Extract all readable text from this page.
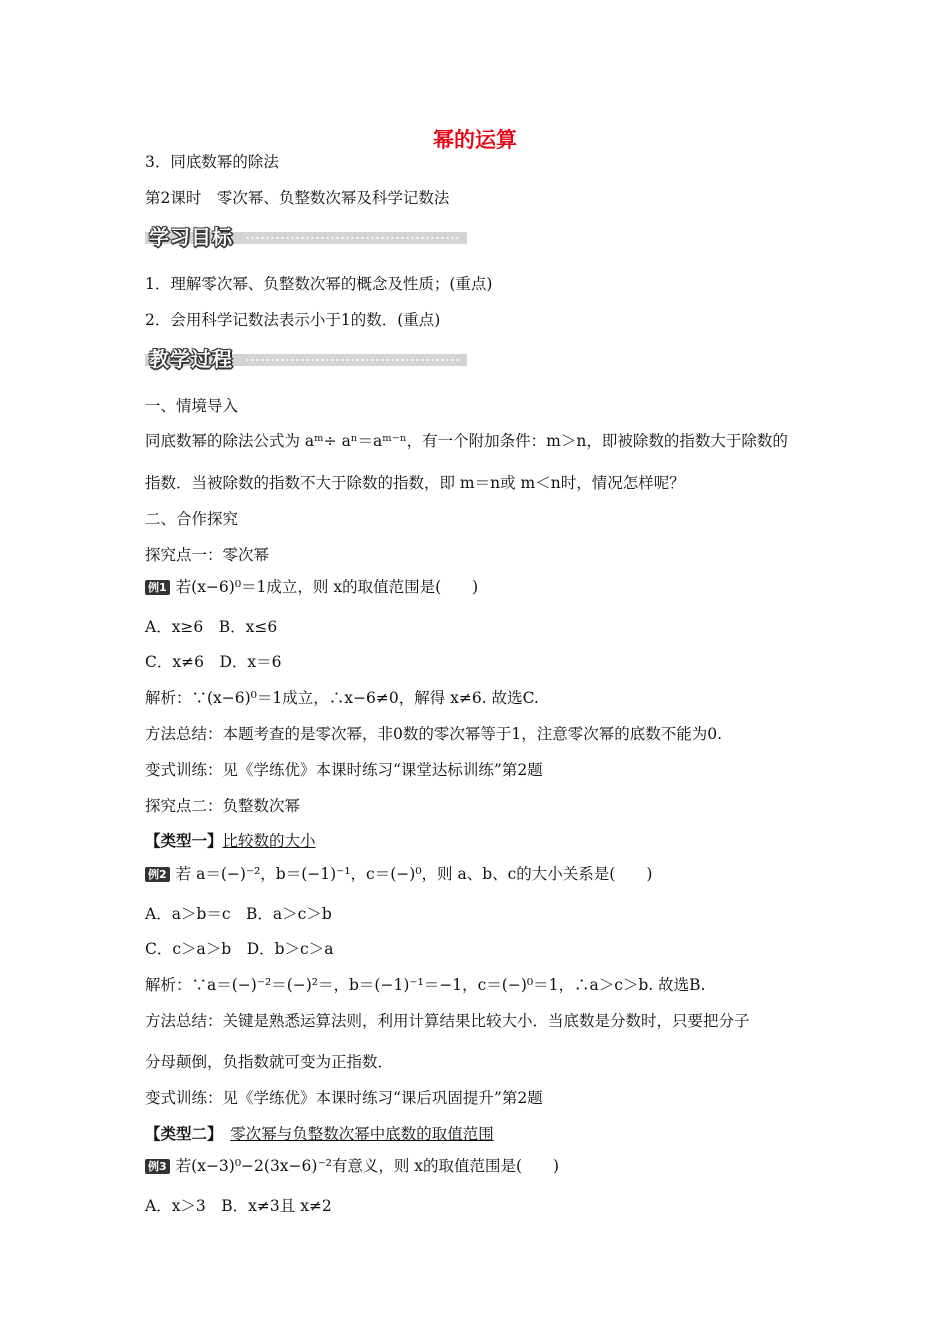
幂的运算
3．同底数幂的除法
第2课时　零次幂、负整数次幂及科学记数法
学习目标
1．理解零次幂、负整数次幂的概念及性质；(重点)
2．会用科学记数法表示小于1的数．(重点)
教学过程
一、情境导入
同底数幂的除法公式为 aᵐ÷ aⁿ＝aᵐ⁻ⁿ，有一个附加条件：m＞n，即被除数的指数大于除数的
指数．当被除数的指数不大于除数的指数，即 m＝n或 m＜n时，情况怎样呢？
二、合作探究
探究点一：零次幂
例1 若(x−6)⁰＝1成立，则 x的取值范围是(　　)
A．x≥6　B．x≤6
C．x≠6　D．x＝6
解析：∵(x−6)⁰＝1成立，∴x−6≠0，解得 x≠6. 故选C.
方法总结：本题考查的是零次幂，非0数的零次幂等于1，注意零次幂的底数不能为0.
变式训练：见《学练优》本课时练习“课堂达标训练”第2题
探究点二：负整数次幂
【类型一】比较数的大小
例2 若 a＝(−)⁻²，b＝(−1)⁻¹，c＝(−)⁰，则 a、b、c的大小关系是(　　)
A．a＞b＝c　B．a＞c＞b
C．c＞a＞b　D．b＞c＞a
解析：∵a＝(−)⁻²＝(−)²＝，b＝(−1)⁻¹＝−1，c＝(−)⁰＝1，∴a＞c＞b. 故选B.
方法总结：关键是熟悉运算法则，利用计算结果比较大小．当底数是分数时，只要把分子
分母颠倒，负指数就可变为正指数．
变式训练：见《学练优》本课时练习“课后巩固提升”第2题
【类型二】　 零次幂与负整数次幂中底数的取值范围
例3 若(x−3)⁰−2(3x−6)⁻²有意义，则 x的取值范围是(　　)
A．x＞3　B．x≠3且 x≠2
